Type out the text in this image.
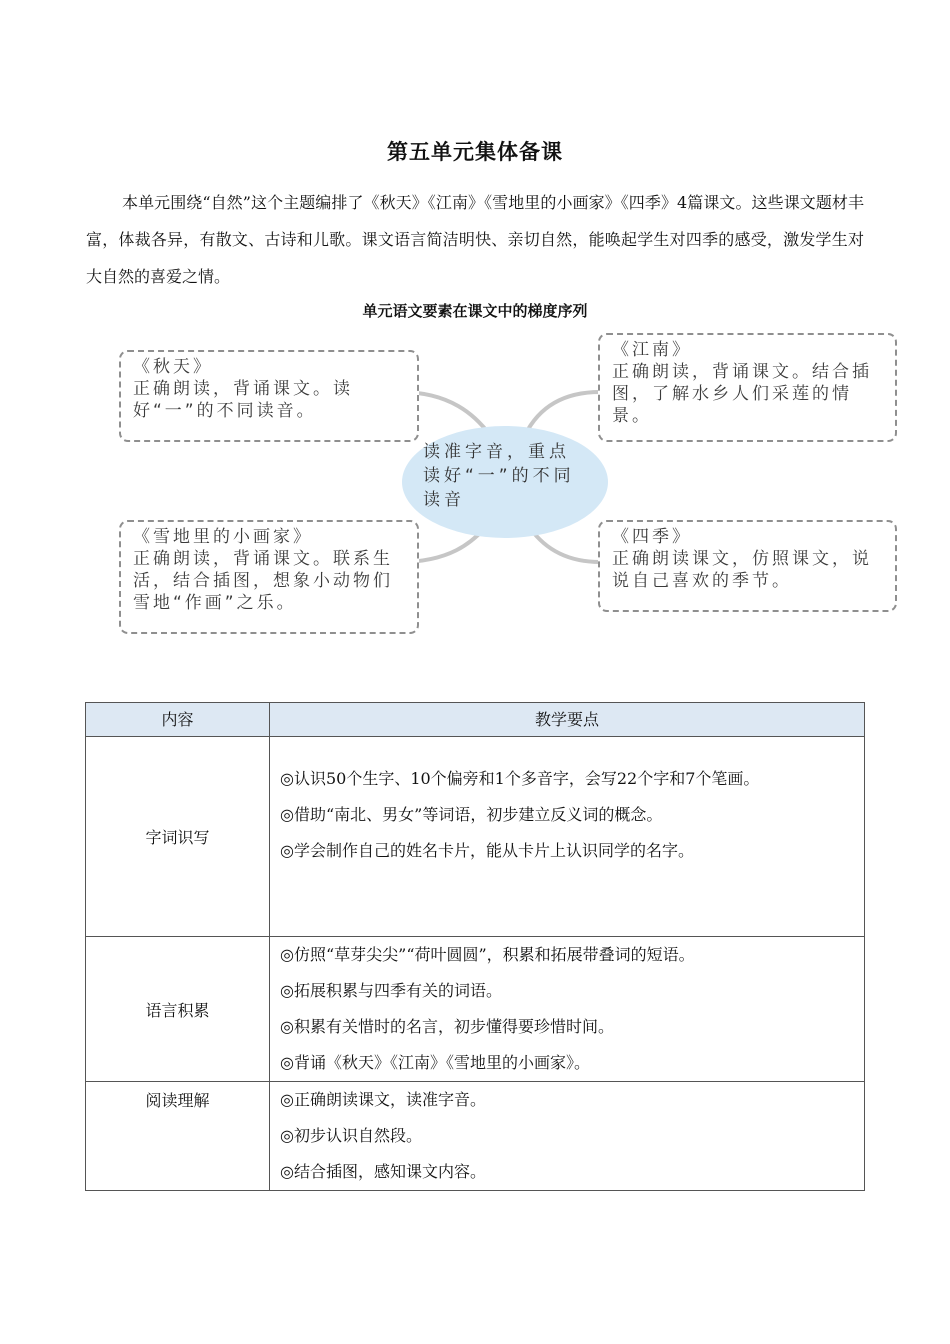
第五单元集体备课
本单元围绕“自然”这个主题编排了《秋天》《江南》《雪地里的小画家》《四季》4篇课文。这些课文题材丰富，体裁各异，有散文、古诗和儿歌。课文语言简洁明快、亲切自然，能唤起学生对四季的感受，激发学生对大自然的喜爱之情。
单元语文要素在课文中的梯度序列
《秋天》
正确朗读，背诵课文。读好“一”的不同读音。
《江南》
正确朗读，背诵课文。结合插图，了解水乡人们采莲的情景。
《雪地里的小画家》
正确朗读，背诵课文。联系生活，结合插图，想象小动物们雪地“作画”之乐。
《四季》
正确朗读课文，仿照课文，说说自己喜欢的季节。
读准字音，重点读好“一”的不同读音
内容	教学要点
字词识写	◎认识50个生字、10个偏旁和1个多音字，会写22个字和7个笔画。
◎借助“南北、男女”等词语，初步建立反义词的概念。
◎学会制作自己的姓名卡片，能从卡片上认识同学的名字。

语言积累	◎仿照“草芽尖尖”“荷叶圆圆”，积累和拓展带叠词的短语。
◎拓展积累与四季有关的词语。
◎积累有关惜时的名言，初步懂得要珍惜时间。
◎背诵《秋天》《江南》《雪地里的小画家》。

阅读理解	◎正确朗读课文，读准字音。
◎初步认识自然段。
◎结合插图，感知课文内容。
